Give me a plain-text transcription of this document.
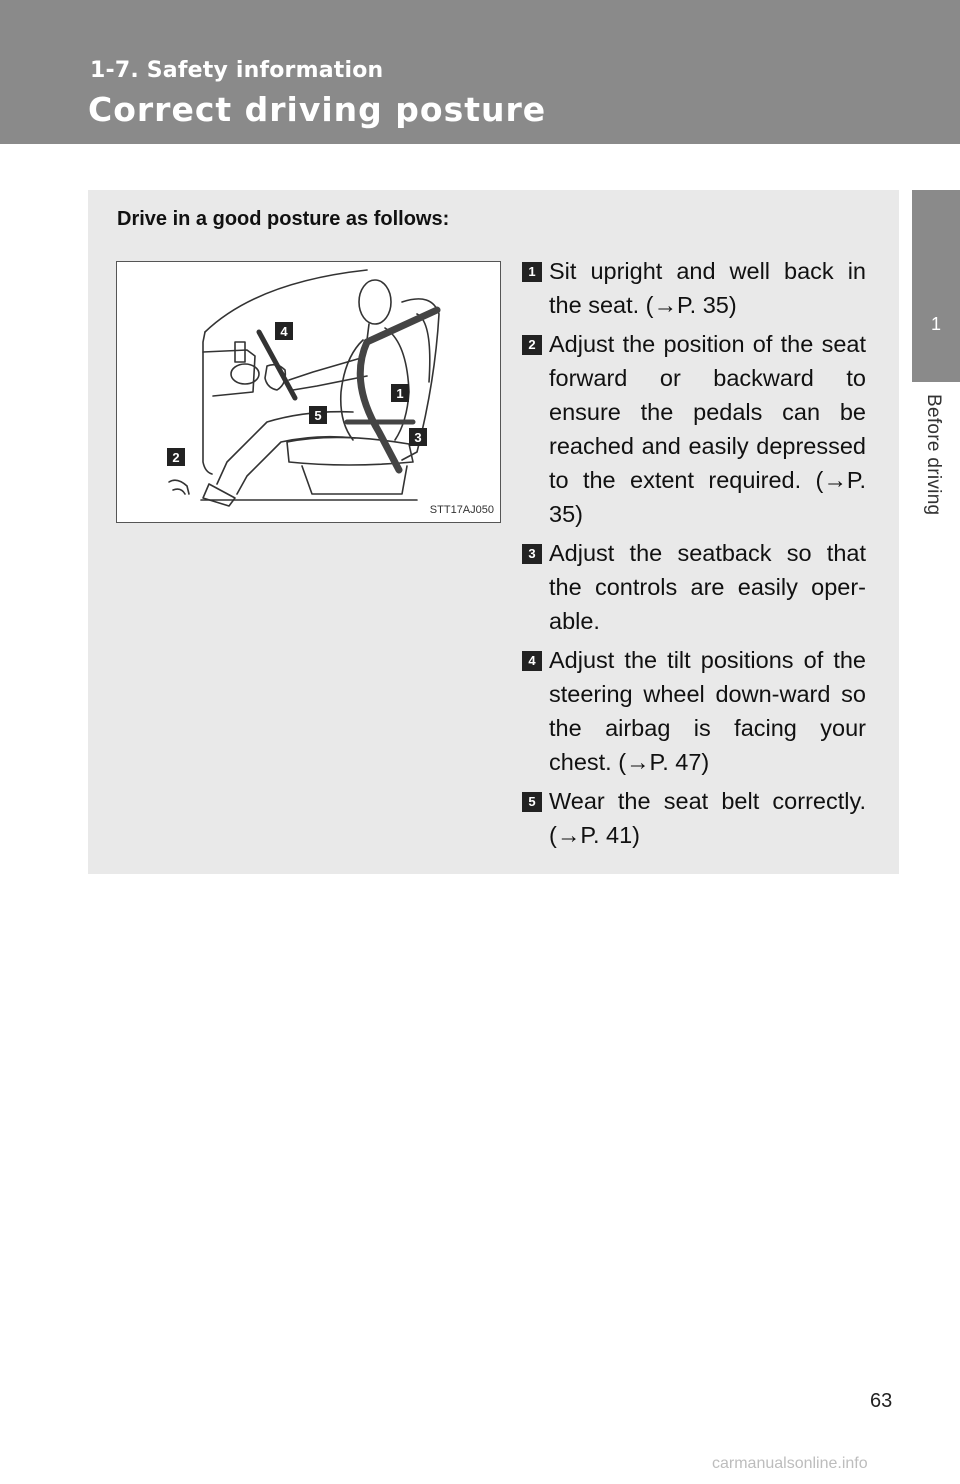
1-7. Safety information
Correct driving posture
1
Before driving
Drive in a good posture as follows:
1
2
3
4
5
STT17AJ050
1 Sit upright and well back in the seat. (→P. 35)
2 Adjust the position of the seat forward or backward to ensure the pedals can be reached and easily depressed to the extent required. (→P. 35)
3 Adjust the seatback so that the controls are easily oper-able.
4 Adjust the tilt positions of the steering wheel down-ward so the airbag is facing your chest. (→P. 47)
5 Wear the seat belt correctly. (→P. 41)
63
carmanualsonline.info
